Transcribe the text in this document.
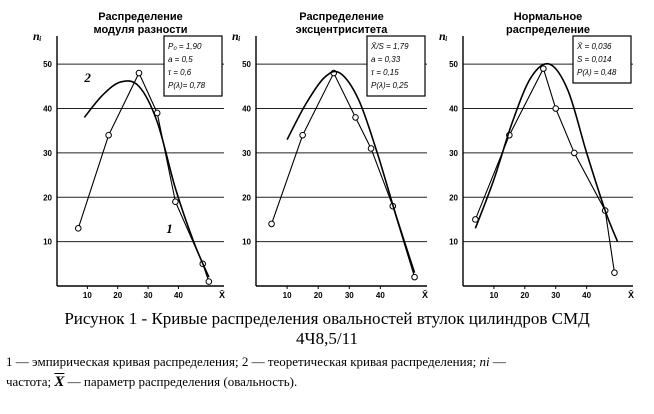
Распределение
модуля разности
10
20
30
40
50
10	20	30	40
nᵢ
X̄
P₀ = 1,90
a = 0,5
τ = 0,6
P(λ)= 0,78
2
1
Распределение
эксцентриситета
10
20
30
40
50
10	20	30	40
nᵢ
X̄
X̄/S = 1,79
a = 0,33
τ = 0,15
P(λ)= 0,25
Нормальное
распределение
10
20
30
40
50
10	20	30	40
nᵢ
X̄
X̄ = 0,036
S = 0,014
P(λ) = 0,48
Рисунок 1 - Кривые распределения овальностей втулок цилиндров СМД
4Ч8,5/11
1 — эмпирическая кривая распределения; 2 — теоретическая кривая распределения; ni —
частота; $\overline{X}$ — параметр распределения (овальность).
